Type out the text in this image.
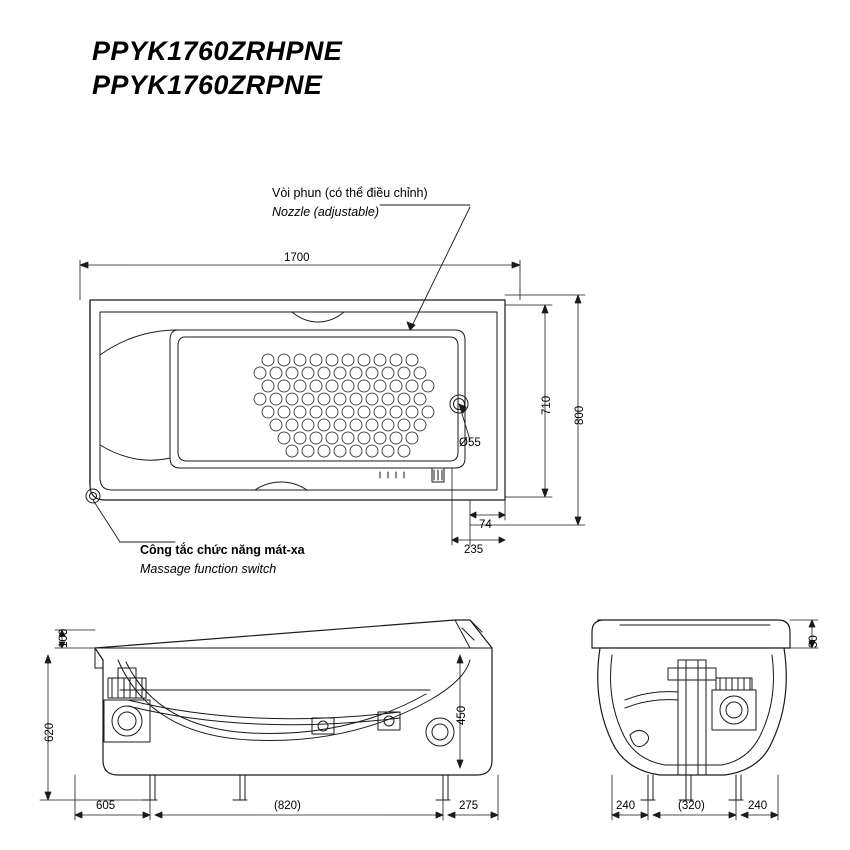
PPYK1760ZRHPNE
PPYK1760ZRPNE
Vòi phun (có thể điều chỉnh)
Nozzle (adjustable)
Công tắc chức năng mát-xa
Massage function switch
Ø55
1700
710
800
74
235
100
620
450
605	(820)	275
30
240	(320)	240
